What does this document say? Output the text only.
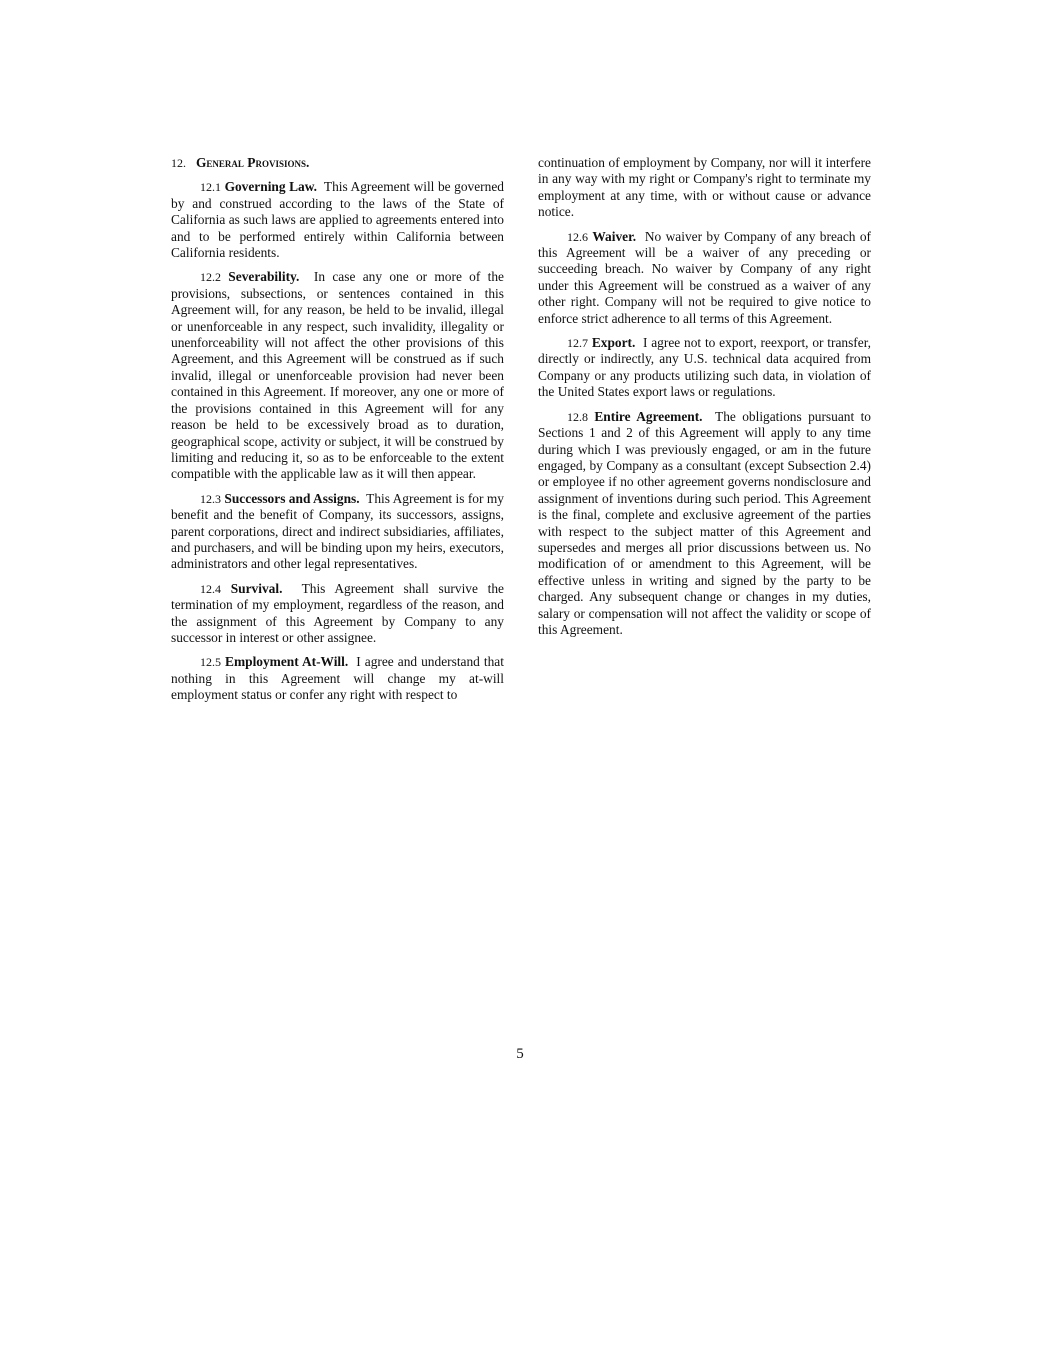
12. General Provisions.

12.1 Governing Law. This Agreement will be governed by and construed according to the laws of the State of California as such laws are applied to agreements entered into and to be performed entirely within California between California residents.

12.2 Severability. In case any one or more of the provisions, subsections, or sentences contained in this Agreement will, for any reason, be held to be invalid, illegal or unenforceable in any respect, such invalidity, illegality or unenforceability will not affect the other provisions of this Agreement, and this Agreement will be construed as if such invalid, illegal or unenforceable provision had never been contained in this Agreement. If moreover, any one or more of the provisions contained in this Agreement will for any reason be held to be excessively broad as to duration, geographical scope, activity or subject, it will be construed by limiting and reducing it, so as to be enforceable to the extent compatible with the applicable law as it will then appear.

12.3 Successors and Assigns. This Agreement is for my benefit and the benefit of Company, its successors, assigns, parent corporations, direct and indirect subsidiaries, affiliates, and purchasers, and will be binding upon my heirs, executors, administrators and other legal representatives.

12.4 Survival. This Agreement shall survive the termination of my employment, regardless of the reason, and the assignment of this Agreement by Company to any successor in interest or other assignee.

12.5 Employment At-Will. I agree and understand that nothing in this Agreement will change my at-will employment status or confer any right with respect to

continuation of employment by Company, nor will it interfere in any way with my right or Company's right to terminate my employment at any time, with or without cause or advance notice.

12.6 Waiver. No waiver by Company of any breach of this Agreement will be a waiver of any preceding or succeeding breach. No waiver by Company of any right under this Agreement will be construed as a waiver of any other right. Company will not be required to give notice to enforce strict adherence to all terms of this Agreement.

12.7 Export. I agree not to export, reexport, or transfer, directly or indirectly, any U.S. technical data acquired from Company or any products utilizing such data, in violation of the United States export laws or regulations.

12.8 Entire Agreement. The obligations pursuant to Sections 1 and 2 of this Agreement will apply to any time during which I was previously engaged, or am in the future engaged, by Company as a consultant (except Subsection 2.4) or employee if no other agreement governs nondisclosure and assignment of inventions during such period. This Agreement is the final, complete and exclusive agreement of the parties with respect to the subject matter of this Agreement and supersedes and merges all prior discussions between us. No modification of or amendment to this Agreement, will be effective unless in writing and signed by the party to be charged. Any subsequent change or changes in my duties, salary or compensation will not affect the validity or scope of this Agreement.

5
